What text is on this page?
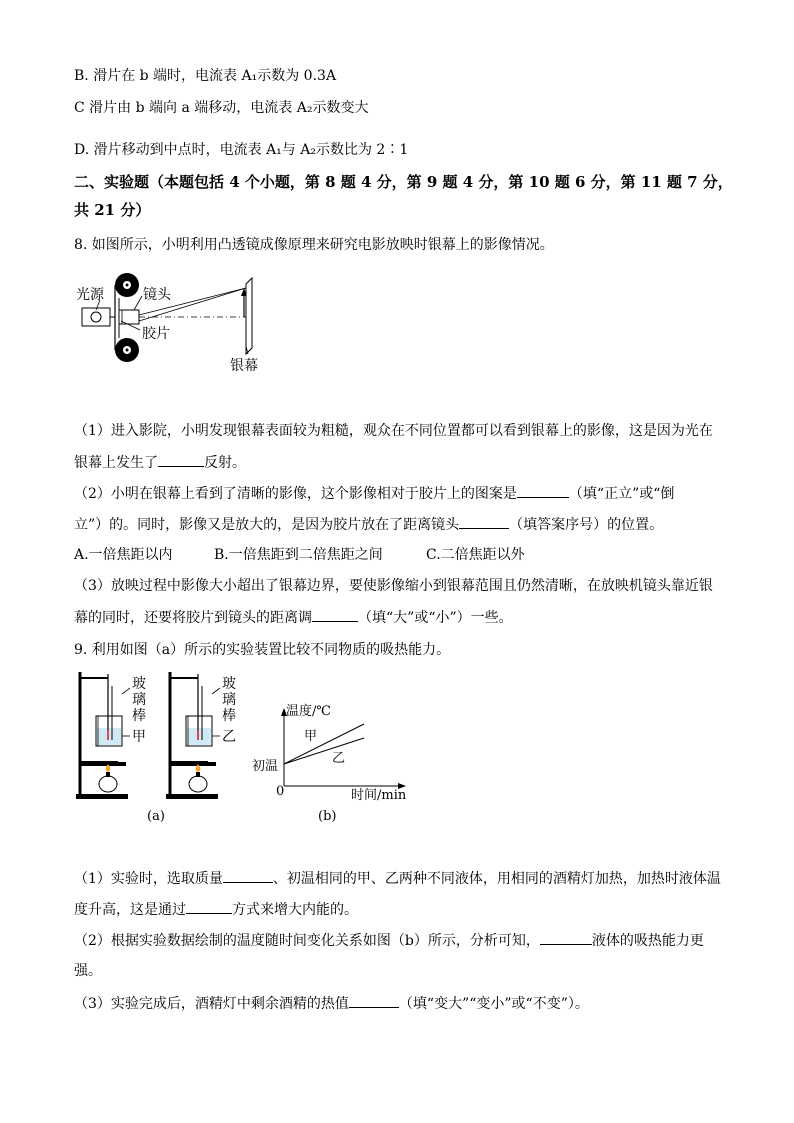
B. 滑片在 b 端时，电流表 A₁示数为 0.3A
C 滑片由 b 端向 a 端移动，电流表 A₂示数变大
D. 滑片移动到中点时，电流表 A₁与 A₂示数比为 2∶1
二、实验题（本题包括 4 个小题，第 8 题 4 分，第 9 题 4 分，第 10 题 6 分，第 11 题 7 分，
共 21 分）
8. 如图所示，小明利用凸透镜成像原理来研究电影放映时银幕上的影像情况。
光源	镜头
胶片
银幕
（1）进入影院，小明发现银幕表面较为粗糙，观众在不同位置都可以看到银幕上的影像，这是因为光在
银幕上发生了	反射。
（2）小明在银幕上看到了清晰的影像，这个影像相对于胶片上的图案是	（填“正立”或“倒
立”）的。同时，影像又是放大的，是因为胶片放在了距离镜头	（填答案序号）的位置。
A.一倍焦距以内	B.一倍焦距到二倍焦距之间	C.二倍焦距以外
（3）放映过程中影像大小超出了银幕边界，要使影像缩小到银幕范围且仍然清晰，在放映机镜头靠近银
幕的同时，还要将胶片到镜头的距离调	（填“大”或“小”）一些。
9. 利用如图（a）所示的实验装置比较不同物质的吸热能力。
玻
璃
棒
甲
玻
璃
棒
乙
(a)
温度/℃
初温
0	时间/min
甲
乙
(b)
（1）实验时，选取质量	、初温相同的甲、乙两种不同液体，用相同的酒精灯加热，加热时液体温
度升高，这是通过	方式来增大内能的。
（2）根据实验数据绘制的温度随时间变化关系如图（b）所示，分析可知，	液体的吸热能力更
强。
（3）实验完成后，酒精灯中剩余酒精的热值	（填“变大”“变小”或“不变”）。
